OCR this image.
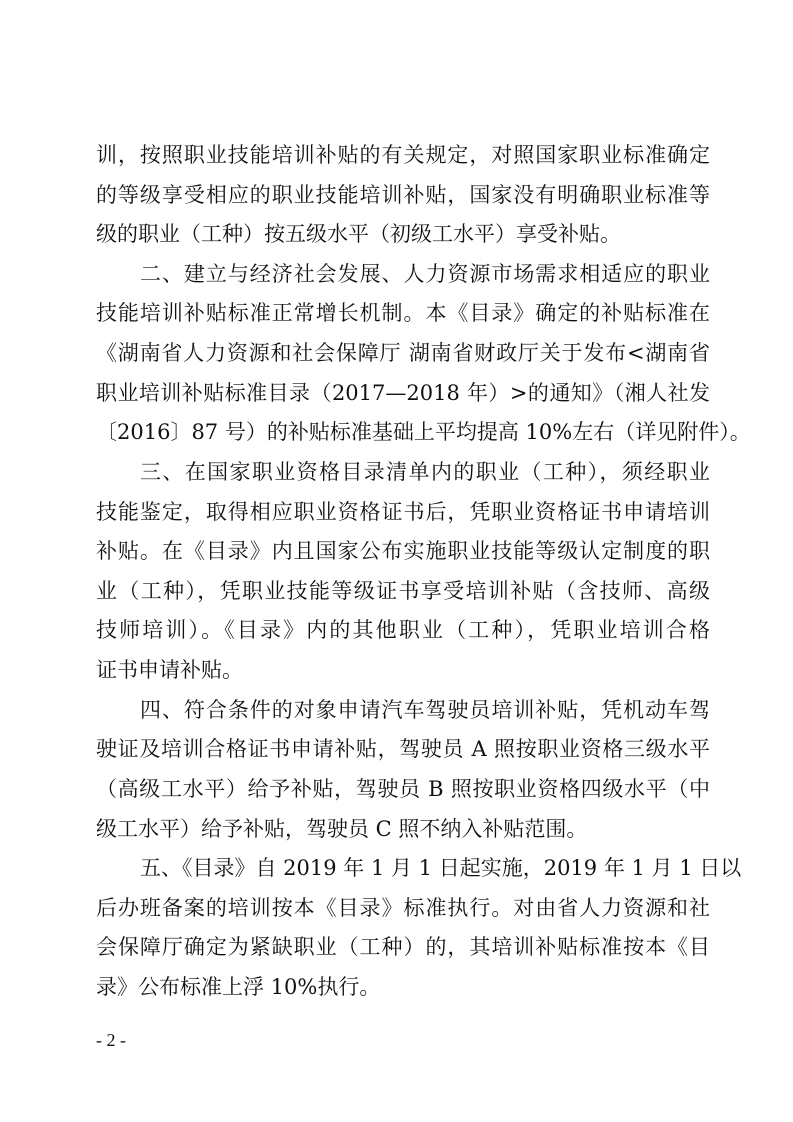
训，按照职业技能培训补贴的有关规定，对照国家职业标准确定
的等级享受相应的职业技能培训补贴，国家没有明确职业标准等
级的职业（工种）按五级水平（初级工水平）享受补贴。
二、建立与经济社会发展、人力资源市场需求相适应的职业
技能培训补贴标准正常增长机制。本《目录》确定的补贴标准在
《湖南省人力资源和社会保障厅 湖南省财政厅关于发布<湖南省
职业培训补贴标准目录（2017—2018 年）>的通知》（湘人社发
〔2016〕87 号）的补贴标准基础上平均提高 10%左右（详见附件）。
三、在国家职业资格目录清单内的职业（工种），须经职业
技能鉴定，取得相应职业资格证书后，凭职业资格证书申请培训
补贴。在《目录》内且国家公布实施职业技能等级认定制度的职
业（工种），凭职业技能等级证书享受培训补贴（含技师、高级
技师培训）。《目录》内的其他职业（工种），凭职业培训合格
证书申请补贴。
四、符合条件的对象申请汽车驾驶员培训补贴，凭机动车驾
驶证及培训合格证书申请补贴，驾驶员 A 照按职业资格三级水平
（高级工水平）给予补贴，驾驶员 B 照按职业资格四级水平（中
级工水平）给予补贴，驾驶员 C 照不纳入补贴范围。
五、《目录》自 2019 年 1 月 1 日起实施，2019 年 1 月 1 日以
后办班备案的培训按本《目录》标准执行。对由省人力资源和社
会保障厅确定为紧缺职业（工种）的，其培训补贴标准按本《目
录》公布标准上浮 10%执行。
- 2 -
